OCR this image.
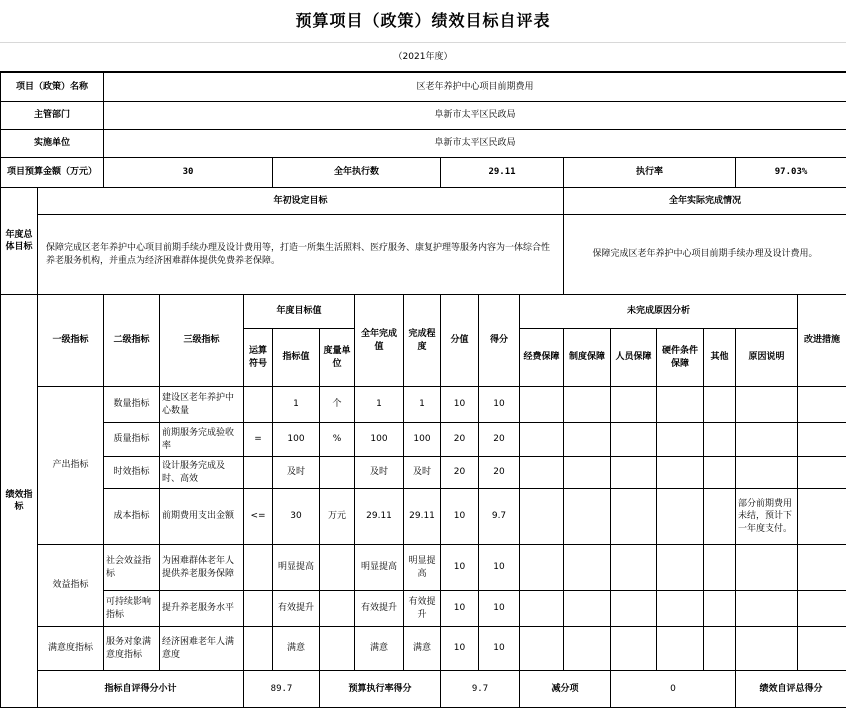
预算项目（政策）绩效目标自评表
（2021年度）
项目（政策）名称		区老年养护中心项目前期费用																
主管部门		阜新市太平区民政局																
实施单位		阜新市太平区民政局																
项目预算金额（万元）		30			全年执行数				29.11			执行率				97.03%		
年度总体目标	年初设定目标											全年实际完成情况						
	保障完成区老年养护中心项目前期手续办理及设计费用等，打造一所集生活照料、医疗服务、康复护理等服务内容为一体综合性养老服务机构，并重点为经济困难群体提供免费养老保障。											保障完成区老年养护中心项目前期手续办理及设计费用。						
绩效指标	一级指标	二级指标	三级指标	年度目标值			全年完成值	完成程度	分值	得分	未完成原因分析						改进措施	
				运算符号	指标值	度量单位					经费保障	制度保障	人员保障	硬件条件保障	其他	原因说明		
	产出指标	数量指标	建设区老年养护中心数量		1	个	1	1	10	10								
		质量指标	前期服务完成验收率	=	100	%	100	100	20	20								
		时效指标	设计服务完成及时、高效		及时		及时	及时	20	20								
		成本指标	前期费用支出金额	<=	30	万元	29.11	29.11	10	9.7						部分前期费用未结，预计下一年度支付。		
	效益指标	社会效益指标	为困难群体老年人提供养老服务保障		明显提高		明显提高	明显提高	10	10								
		可持续影响指标	提升养老服务水平		有效提升		有效提升	有效提升	10	10								
	满意度指标	服务对象满意度指标	经济困难老年人满意度		满意		满意	满意	10	10								
	指标自评得分小计			89.7		预算执行率得分			9.7		减分项		0			绩效自评总得分	
